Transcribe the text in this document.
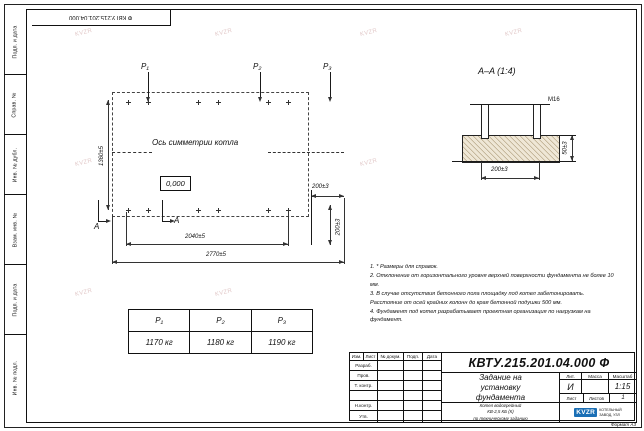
Подп. и дата
Справ. №
Инв. № дубл.
Взам. инв. №
Подп. и дата
Инв. № подл.
Ф КВТУ.215.201.04.000
KVZR	KVZR	KVZR	KVZR
KVZR	KVZR
KVZR	KVZR
P₁	P₂	P₃
Ось симметрии котла
0,000
A
A
1360±5
2040±5
2770±5
200±3
200±3
A–A (1:4)
М16
200±3
50±3
P₁	P₂	P₃
1170 кг	1180 кг	1190 кг

1. * Размеры для справок.

2. Отклонение от горизонтального уровня верхней поверхности фундамента не более 10 мм.

3. В случае отсутствия бетонного пола площадку под котел забетонировать. Расстояние от осей крайних колонн до края бетонной подушки 500 мм.

4. Фундамент под котел разрабатывает проектная организация по нагрузкам на фундамент.

Изм. Лист	№ докум.	Подп.	Дата
Разраб.
Пров.
Т. контр.
Н.контр.
Утв.
КВТУ.215.201.04.000 Ф
Задание на
установку
фундамента
Лит.	Масса	Масштаб
И	1:15
Лист	Листов	1
Котел водогрейный
КВ-2,5 КБ (К)
по техническому заданию
KVZR	КОТЕЛЬНЫЙ
ЗАВОД, УЗЛ
Формат A3
